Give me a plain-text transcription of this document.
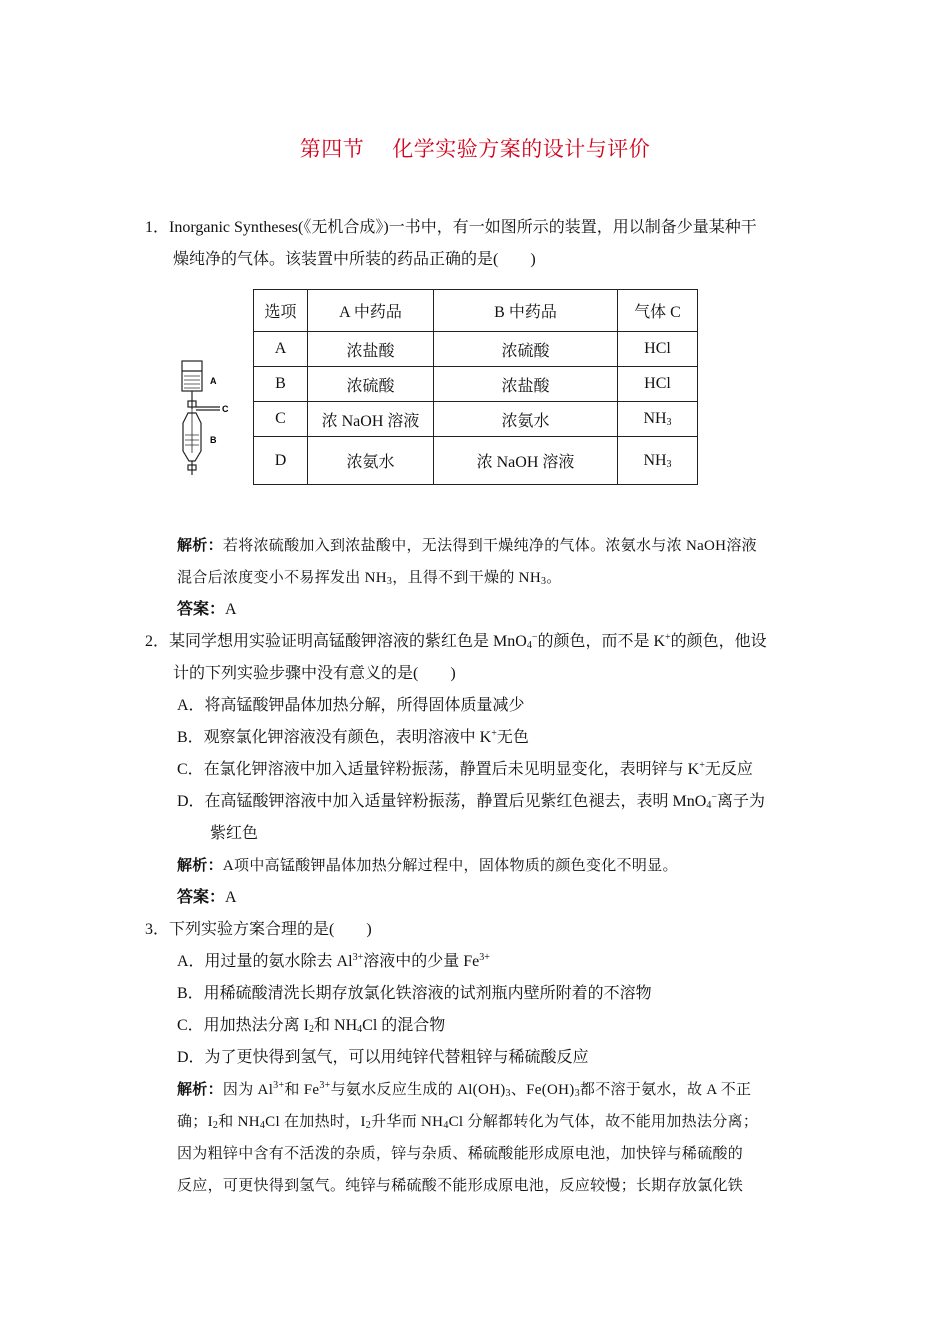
第四节 化学实验方案的设计与评价
1．Inorganic Syntheses(《无机合成》)一书中，有一如图所示的装置，用以制备少量某种干
燥纯净的气体。该装置中所装的药品正确的是(　　)
A
C
B
选项	A 中药品	B 中药品	气体 C
A	浓盐酸	浓硫酸	HCl
B	浓硫酸	浓盐酸	HCl
C	浓 NaOH 溶液	浓氨水	$NH_3$
D	浓氨水	浓 NaOH 溶液	$NH_3$
解析：若将浓硫酸加入到浓盐酸中，无法得到干燥纯净的气体。浓氨水与浓 NaOH溶液
混合后浓度变小不易挥发出 $NH_3$，且得不到干燥的 $NH_3$。
答案：A
2．某同学想用实验证明高锰酸钾溶液的紫红色是 MnO$_4$−的颜色，而不是 K+的颜色，他设
计的下列实验步骤中没有意义的是(　　)
A．将高锰酸钾晶体加热分解，所得固体质量减少
B．观察氯化钾溶液没有颜色，表明溶液中 K+无色
C．在氯化钾溶液中加入适量锌粉振荡，静置后未见明显变化，表明锌与 K+无反应
D．在高锰酸钾溶液中加入适量锌粉振荡，静置后见紫红色褪去，表明 MnO$_4$−离子为
紫红色
解析：A项中高锰酸钾晶体加热分解过程中，固体物质的颜色变化不明显。
答案：A
3．下列实验方案合理的是(　　)
A．用过量的氨水除去 $Al^{3+}$溶液中的少量 $Fe^{3+}$
B．用稀硫酸清洗长期存放氯化铁溶液的试剂瓶内壁所附着的不溶物
C．用加热法分离 $I_2$和 $NH_4Cl$ 的混合物
D．为了更快得到氢气，可以用纯锌代替粗锌与稀硫酸反应
解析：因为 $Al^{3+}$和 $Fe^{3+}$与氨水反应生成的 $Al(OH)_3$、$Fe(OH)_3$都不溶于氨水，故 A 不正
确；$I_2$和 $NH_4Cl$ 在加热时，$I_2$升华而 $NH_4Cl$ 分解都转化为气体，故不能用加热法分离；
因为粗锌中含有不活泼的杂质，锌与杂质、稀硫酸能形成原电池，加快锌与稀硫酸的
反应，可更快得到氢气。纯锌与稀硫酸不能形成原电池，反应较慢；长期存放氯化铁
